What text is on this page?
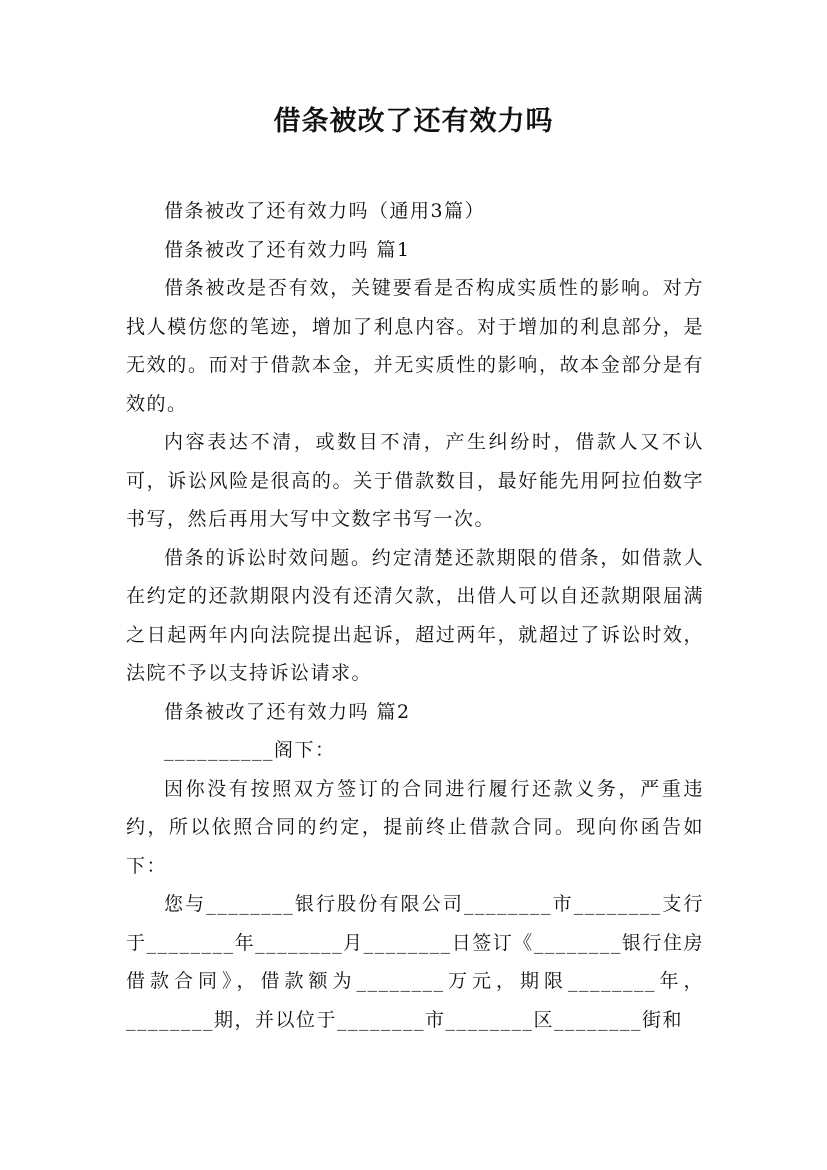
借条被改了还有效力吗

借条被改了还有效力吗（通用3篇）

借条被改了还有效力吗 篇1

借条被改是否有效，关键要看是否构成实质性的影响。对方找人模仿您的笔迹，增加了利息内容。对于增加的利息部分，是无效的。而对于借款本金，并无实质性的影响，故本金部分是有效的。

内容表达不清，或数目不清，产生纠纷时，借款人又不认可，诉讼风险是很高的。关于借款数目，最好能先用阿拉伯数字书写，然后再用大写中文数字书写一次。

借条的诉讼时效问题。约定清楚还款期限的借条，如借款人在约定的还款期限内没有还清欠款，出借人可以自还款期限届满之日起两年内向法院提出起诉，超过两年，就超过了诉讼时效，法院不予以支持诉讼请求。

借条被改了还有效力吗 篇2

__________阁下：

因你没有按照双方签订的合同进行履行还款义务，严重违约，所以依照合同的约定，提前终止借款合同。现向你函告如下：

您与________银行股份有限公司________市________支行于________年________月________日签订《________银行住房借款合同》，借款额为________万元，期限________年，________期，并以位于________市________区________街和
